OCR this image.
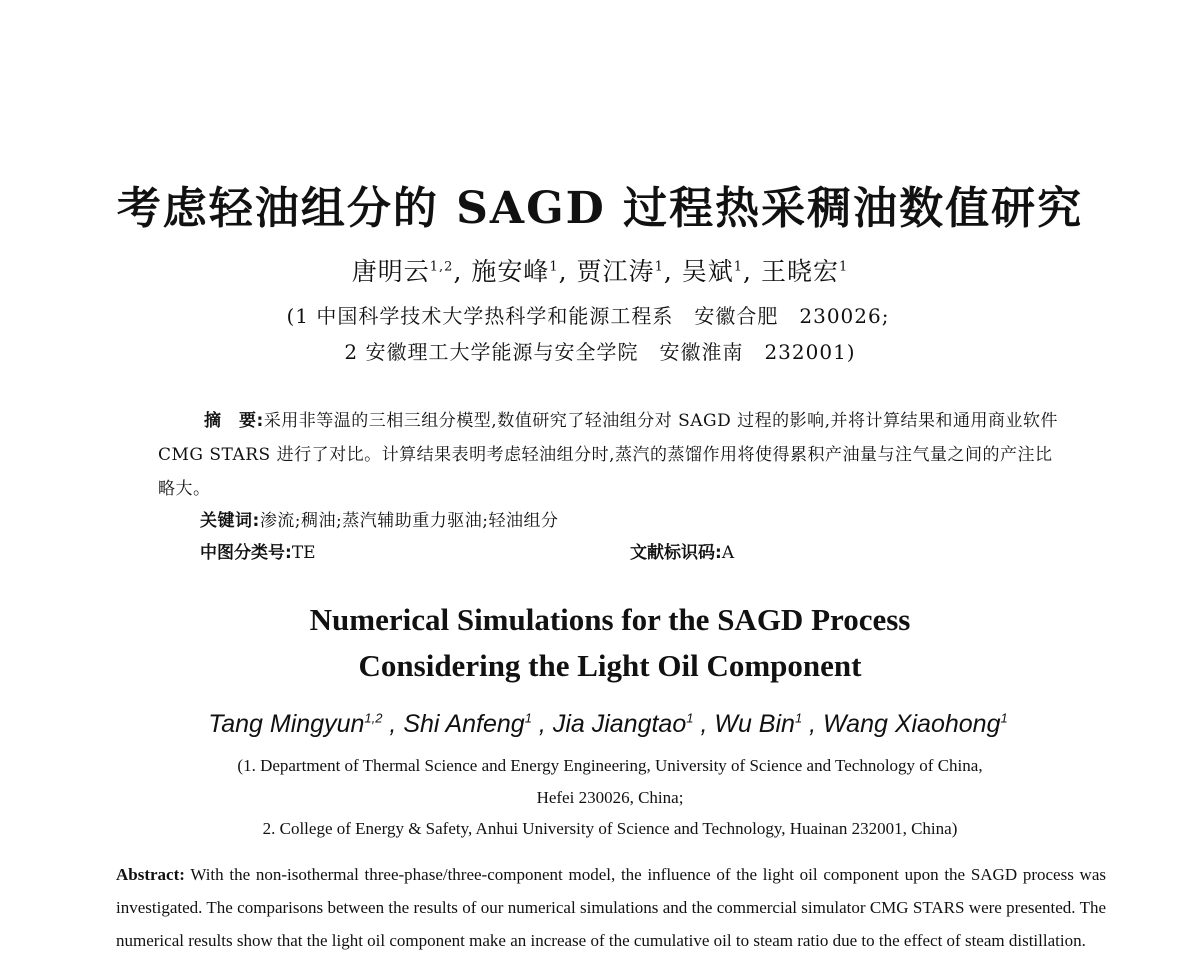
考虑轻油组分的 SAGD 过程热采稠油数值研究
唐明云$^{1,2}$, 施安峰$^1$, 贾江涛$^1$, 吴斌$^1$, 王晓宏$^1$
(1 中国科学技术大学热科学和能源工程系　安徽合肥　230026;
2 安徽理工大学能源与安全学院　安徽淮南　232001)
摘　要:采用非等温的三相三组分模型,数值研究了轻油组分对 SAGD 过程的影响,并将计算结果和通用商业软件 CMG STARS 进行了对比。计算结果表明考虑轻油组分时,蒸汽的蒸馏作用将使得累积产油量与注气量之间的产注比略大。
关键词:渗流;稠油;蒸汽辅助重力驱油;轻油组分
中图分类号:TE	文献标识码:A
Numerical Simulations for the SAGD Process
Considering the Light Oil Component
Tang Mingyun$^{1,2}$ , Shi Anfeng$^1$ , Jia Jiangtao$^1$ , Wu Bin$^1$ , Wang Xiaohong$^1$
(1. Department of Thermal Science and Energy Engineering, University of Science and Technology of China,
Hefei 230026, China;
2. College of Energy & Safety, Anhui University of Science and Technology, Huainan 232001, China)
Abstract: With the non-isothermal three-phase/three-component model, the influence of the light oil component upon the SAGD process was investigated. The comparisons between the results of our numerical simulations and the commercial simulator CMG STARS were presented. The numerical results show that the light oil component make an increase of the cumulative oil to steam ratio due to the effect of steam distillation.
